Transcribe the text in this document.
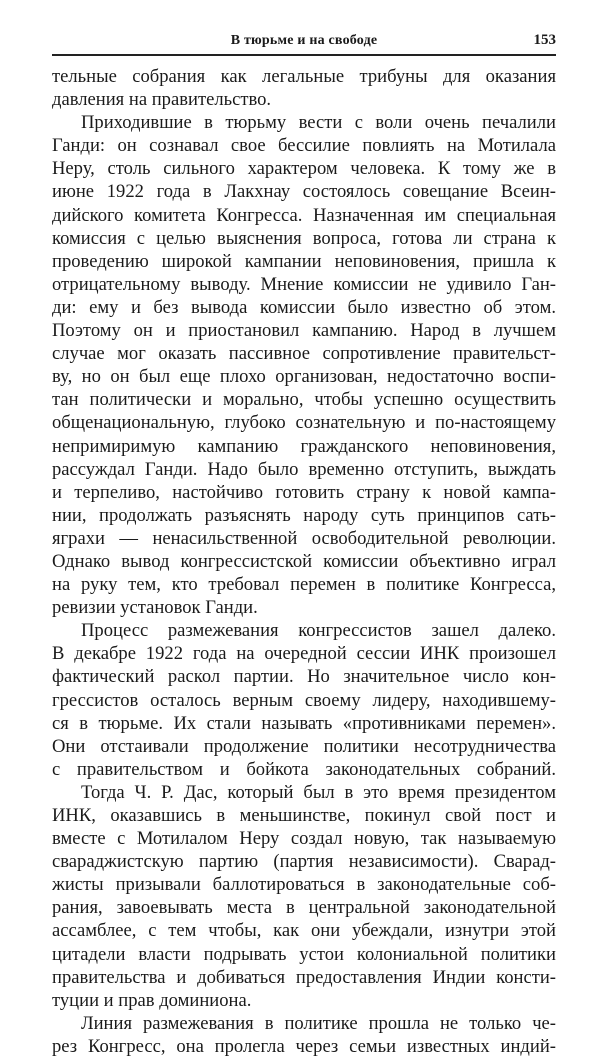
В тюрьме и на свободе	153
тельные собрания как легальные трибуны для оказания
давления на правительство.
Приходившие в тюрьму вести с воли очень печалили
Ганди: он сознавал свое бессилие повлиять на Мотилала
Неру, столь сильного характером человека. К тому же в
июне 1922 года в Лакхнау состоялось совещание Всеин-
дийского комитета Конгресса. Назначенная им специальная
комиссия с целью выяснения вопроса, готова ли страна к
проведению широкой кампании неповиновения, пришла к
отрицательному выводу. Мнение комиссии не удивило Ган-
ди: ему и без вывода комиссии было известно об этом.
Поэтому он и приостановил кампанию. Народ в лучшем
случае мог оказать пассивное сопротивление правительст-
ву, но он был еще плохо организован, недостаточно воспи-
тан политически и морально, чтобы успешно осуществить
общенациональную, глубоко сознательную и по-настоящему
непримиримую кампанию гражданского неповиновения,
рассуждал Ганди. Надо было временно отступить, выждать
и терпеливо, настойчиво готовить страну к новой кампа-
нии, продолжать разъяснять народу суть принципов сать-
яграхи — ненасильственной освободительной революции.
Однако вывод конгрессистской комиссии объективно играл
на руку тем, кто требовал перемен в политике Конгресса,
ревизии установок Ганди.
Процесс размежевания конгрессистов зашел далеко.
В декабре 1922 года на очередной сессии ИНК произошел
фактический раскол партии. Но значительное число кон-
грессистов осталось верным своему лидеру, находившему-
ся в тюрьме. Их стали называть «противниками перемен».
Они отстаивали продолжение политики несотрудничества
с правительством и бойкота законодательных собраний.
Тогда Ч. Р. Дас, который был в это время президентом
ИНК, оказавшись в меньшинстве, покинул свой пост и
вместе с Мотилалом Неру создал новую, так называемую
свараджистскую партию (партия независимости). Сварад-
жисты призывали баллотироваться в законодательные соб-
рания, завоевывать места в центральной законодательной
ассамблее, с тем чтобы, как они убеждали, изнутри этой
цитадели власти подрывать устои колониальной политики
правительства и добиваться предоставления Индии консти-
туции и прав доминиона.
Линия размежевания в политике прошла не только че-
рез Конгресс, она пролегла через семьи известных индий-
